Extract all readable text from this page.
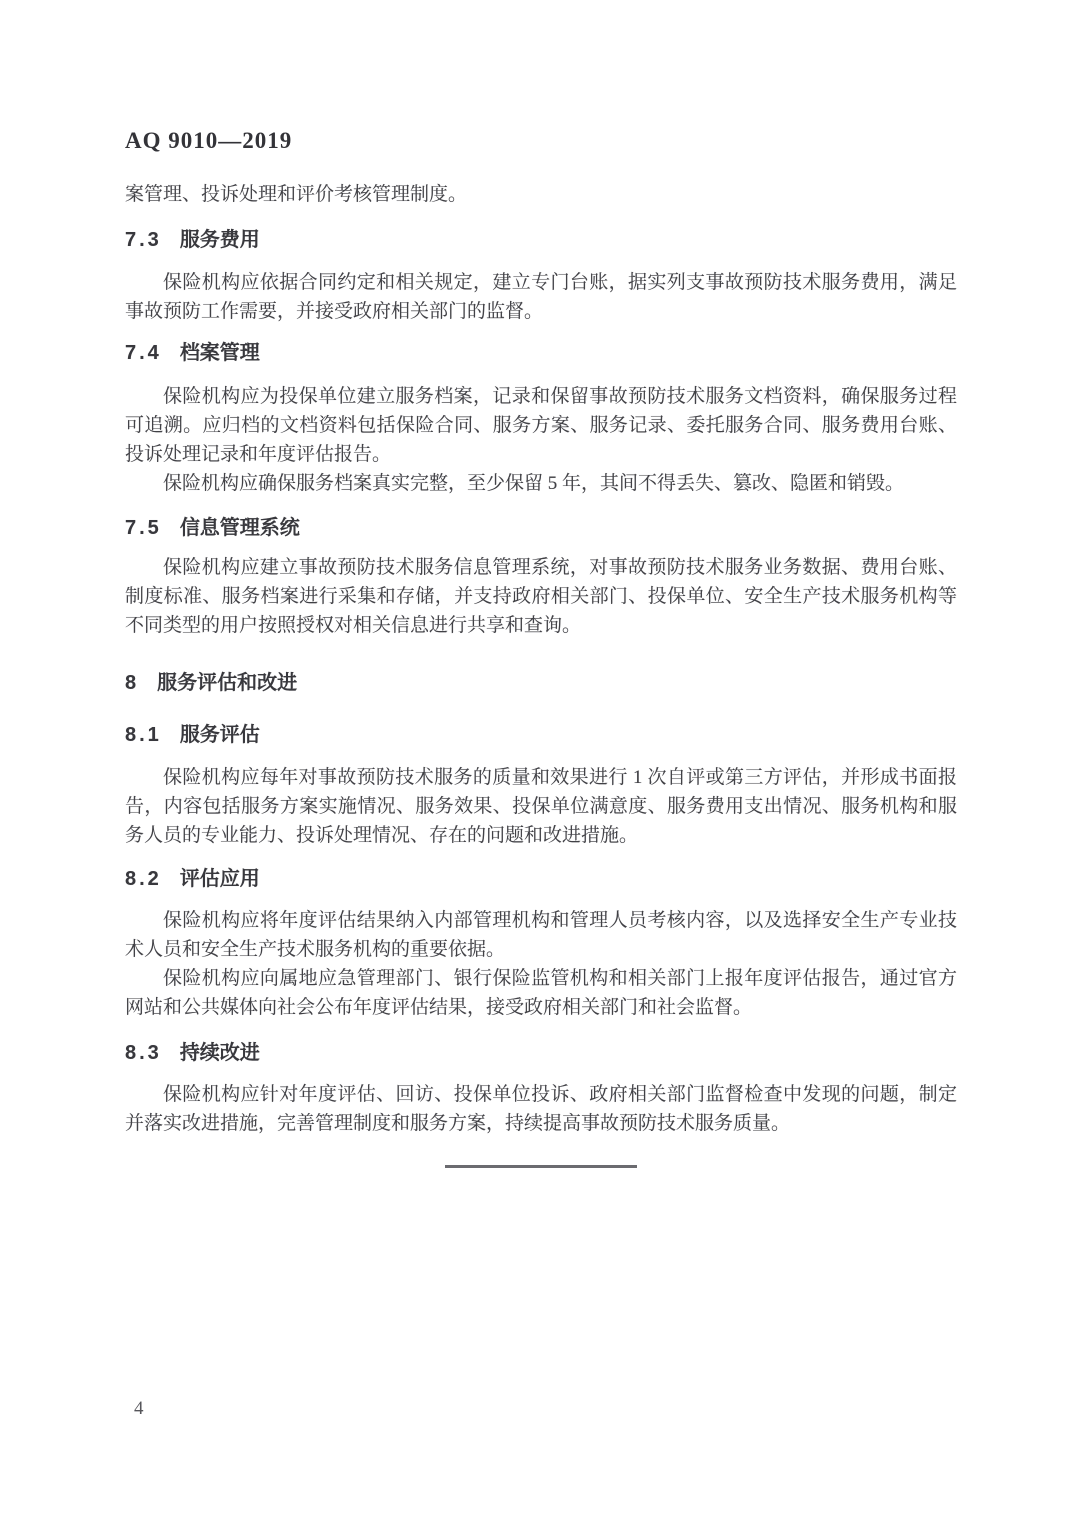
AQ 9010—2019

案管理、投诉处理和评价考核管理制度。

7.3 服务费用

保险机构应依据合同约定和相关规定，建立专门台账，据实列支事故预防技术服务费用，满足事故预防工作需要，并接受政府相关部门的监督。

7.4 档案管理

保险机构应为投保单位建立服务档案，记录和保留事故预防技术服务文档资料，确保服务过程可追溯。应归档的文档资料包括保险合同、服务方案、服务记录、委托服务合同、服务费用台账、投诉处理记录和年度评估报告。

保险机构应确保服务档案真实完整，至少保留 5 年，其间不得丢失、篡改、隐匿和销毁。

7.5 信息管理系统

保险机构应建立事故预防技术服务信息管理系统，对事故预防技术服务业务数据、费用台账、制度标准、服务档案进行采集和存储，并支持政府相关部门、投保单位、安全生产技术服务机构等不同类型的用户按照授权对相关信息进行共享和查询。

8 服务评估和改进
8.1 服务评估

保险机构应每年对事故预防技术服务的质量和效果进行 1 次自评或第三方评估，并形成书面报告，内容包括服务方案实施情况、服务效果、投保单位满意度、服务费用支出情况、服务机构和服务人员的专业能力、投诉处理情况、存在的问题和改进措施。

8.2 评估应用

保险机构应将年度评估结果纳入内部管理机构和管理人员考核内容，以及选择安全生产专业技术人员和安全生产技术服务机构的重要依据。

保险机构应向属地应急管理部门、银行保险监管机构和相关部门上报年度评估报告，通过官方网站和公共媒体向社会公布年度评估结果，接受政府相关部门和社会监督。

8.3 持续改进

保险机构应针对年度评估、回访、投保单位投诉、政府相关部门监督检查中发现的问题，制定并落实改进措施，完善管理制度和服务方案，持续提高事故预防技术服务质量。

4
